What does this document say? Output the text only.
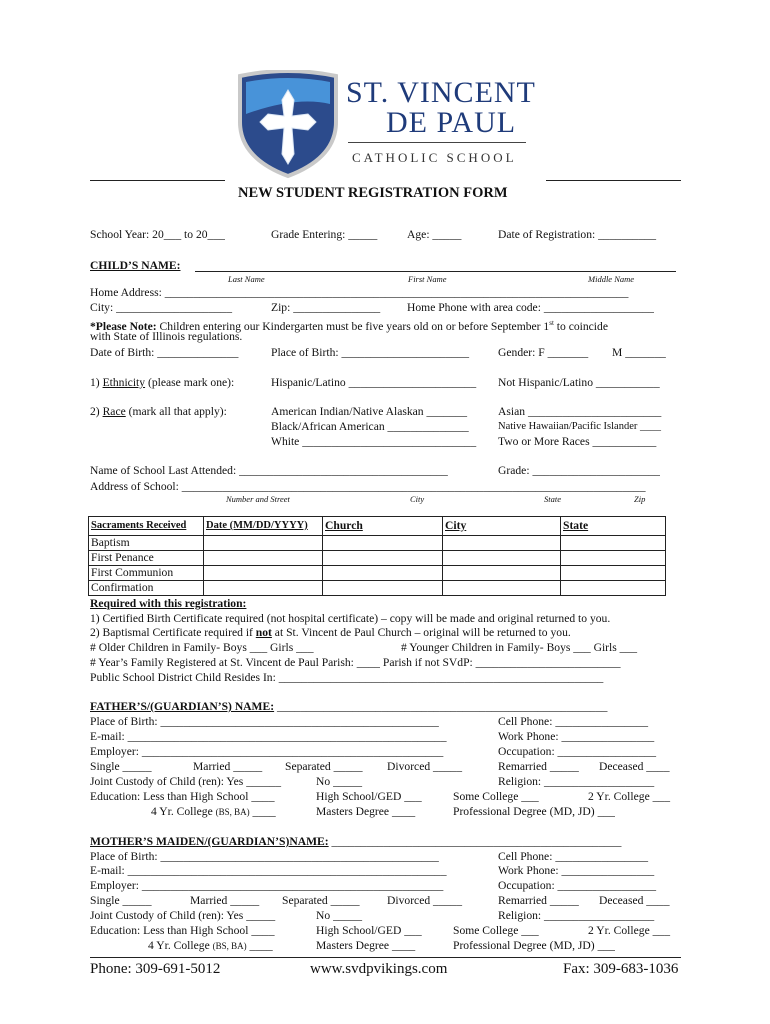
ST. VINCENT
DE PAUL
CATHOLIC SCHOOL
NEW STUDENT REGISTRATION FORM
School Year: 20___ to 20___	Grade Entering: _____	Age: _____	Date of Registration: __________
CHILD’S NAME:
Last Name	First Name	Middle Name
Home Address: ________________________________________________________________________________
City: ____________________	Zip: _______________ Home Phone with area code: ___________________
*Please Note: Children entering our Kindergarten must be five years old on or before September 1st to coincide
with State of Illinois regulations.
Date of Birth: ______________	Place of Birth: ______________________ Gender: F _______ M _______
1) Ethnicity (please mark one):	Hispanic/Latino ______________________ Not Hispanic/Latino ___________
2) Race (mark all that apply):	American Indian/Native Alaskan _______
Black/African American ______________
White ______________________________
Asian _______________________
Native Hawaiian/Pacific Islander ____
Two or More Races ___________
Name of School Last Attended: ____________________________________	Grade: ______________________
Address of School: ________________________________________________________________________________
Number and Street	City	State	Zip
Sacraments Received	Date (MM/DD/YYYY)	Church	City	State
Baptism				
First Penance				
First Communion				
Confirmation				
Required with this registration:
1) Certified Birth Certificate required (not hospital certificate) – copy will be made and original returned to you.
2) Baptismal Certificate required if not at St. Vincent de Paul Church – original will be returned to you.
# Older Children in Family- Boys ___ Girls ___	# Younger Children in Family- Boys ___ Girls ___
# Year’s Family Registered at St. Vincent de Paul Parish: ____ Parish if not SVdP: _________________________
Public School District Child Resides In: ________________________________________________________
FATHER’S/(GUARDIAN’S) NAME: _________________________________________________________
Place of Birth: ________________________________________________	Cell Phone: ________________
E-mail: _______________________________________________________	Work Phone: ________________
Employer: ____________________________________________________	Occupation: _________________
Single _____	Married _____ Separated _____ Divorced _____	Remarried _____ Deceased ____
Joint Custody of Child (ren): Yes ______	No _____	Religion: ___________________
Education: Less than High School ____	High School/GED ___	Some College ___	2 Yr. College ___
4 Yr. College (BS, BA) ____	Masters Degree ____	Professional Degree (MD, JD) ___
MOTHER’S MAIDEN/(GUARDIAN’S)NAME: __________________________________________________
Place of Birth: ________________________________________________	Cell Phone: ________________
E-mail: _______________________________________________________	Work Phone: ________________
Employer: ____________________________________________________	Occupation: _________________
Single _____	Married _____ Separated _____ Divorced _____	Remarried _____ Deceased ____
Joint Custody of Child (ren): Yes _____	No _____	Religion: ___________________
Education: Less than High School ____	High School/GED ___	Some College ___	2 Yr. College ___
4 Yr. College (BS, BA) ____	Masters Degree ____	Professional Degree (MD, JD) ___
Phone: 309-691-5012	www.svdpvikings.com	Fax: 309-683-1036
